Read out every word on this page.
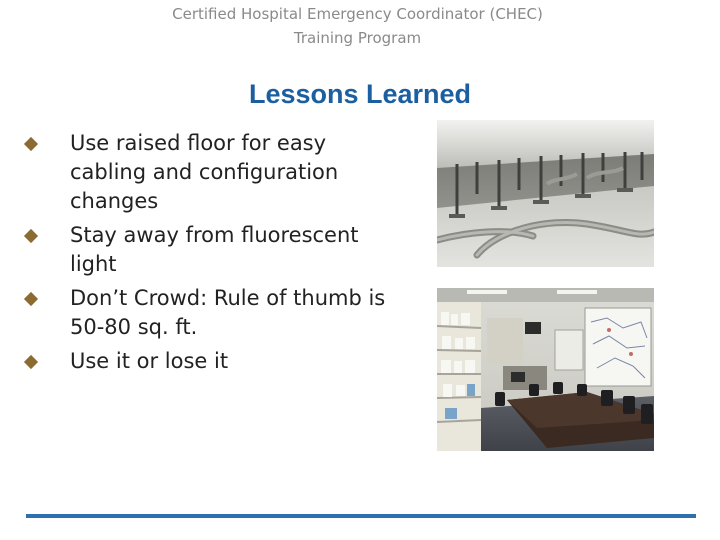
Certified Hospital Emergency Coordinator (CHEC)
Training Program
Lessons Learned
Use raised floor for easy cabling and configuration changes
Stay away from fluorescent light
Don’t Crowd: Rule of thumb is 50-80 sq. ft.
Use it or lose it
